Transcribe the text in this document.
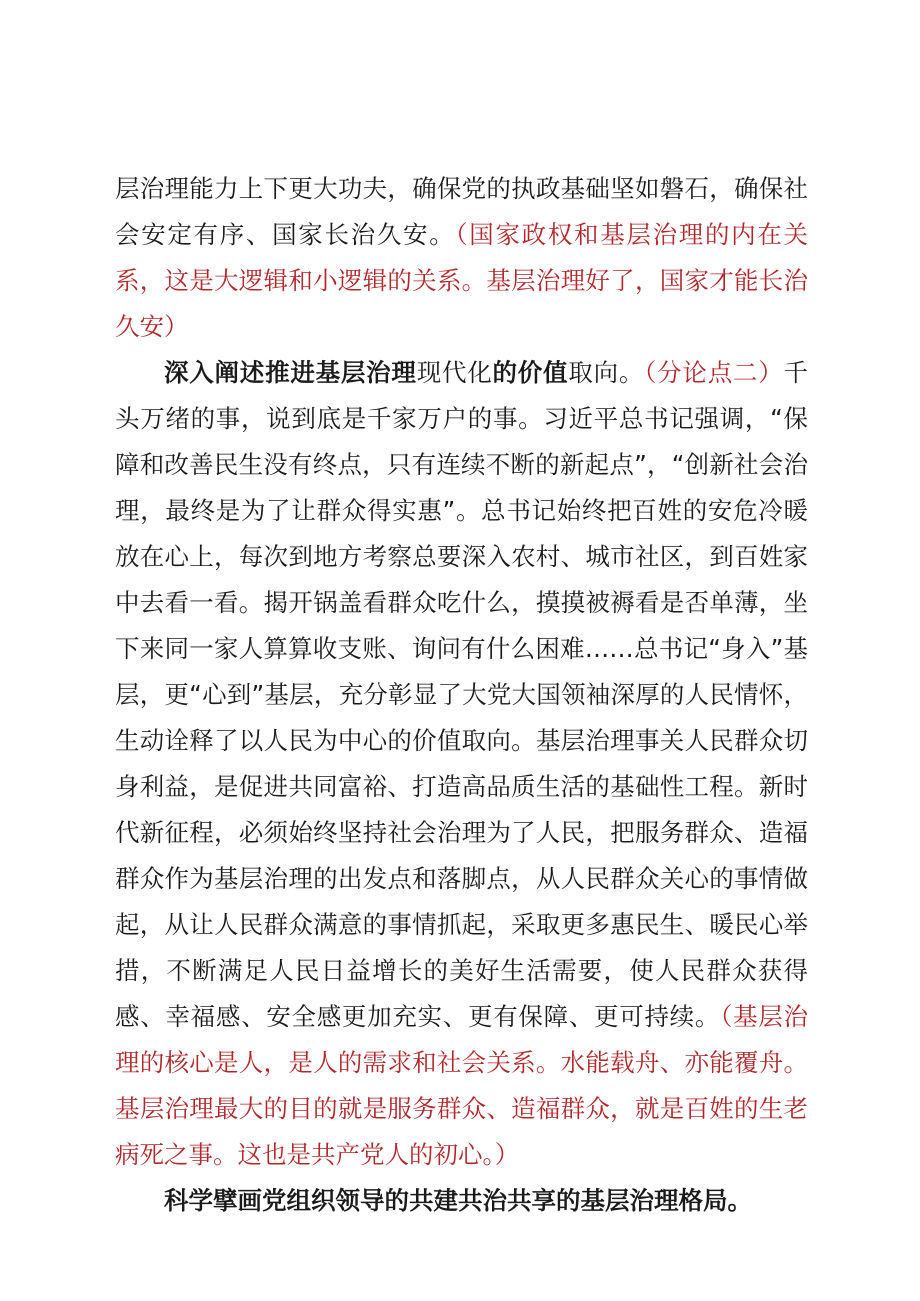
层治理能力上下更大功夫，确保党的执政基础坚如磐石，确保社会安定有序、国家长治久安。（国家政权和基层治理的内在关系，这是大逻辑和小逻辑的关系。基层治理好了，国家才能长治久安）

深入阐述推进基层治理现代化的价值取向。（分论点二）千头万绪的事，说到底是千家万户的事。习近平总书记强调，“保障和改善民生没有终点，只有连续不断的新起点”，“创新社会治理，最终是为了让群众得实惠”。总书记始终把百姓的安危冷暖放在心上，每次到地方考察总要深入农村、城市社区，到百姓家中去看一看。揭开锅盖看群众吃什么，摸摸被褥看是否单薄，坐下来同一家人算算收支账、询问有什么困难……总书记“身入”基层，更“心到”基层，充分彰显了大党大国领袖深厚的人民情怀，生动诠释了以人民为中心的价值取向。基层治理事关人民群众切身利益，是促进共同富裕、打造高品质生活的基础性工程。新时代新征程，必须始终坚持社会治理为了人民，把服务群众、造福群众作为基层治理的出发点和落脚点，从人民群众关心的事情做起，从让人民群众满意的事情抓起，采取更多惠民生、暖民心举措，不断满足人民日益增长的美好生活需要，使人民群众获得感、幸福感、安全感更加充实、更有保障、更可持续。（基层治理的核心是人，是人的需求和社会关系。水能载舟、亦能覆舟。基层治理最大的目的就是服务群众、造福群众，就是百姓的生老病死之事。这也是共产党人的初心。）

科学擘画党组织领导的共建共治共享的基层治理格局。
